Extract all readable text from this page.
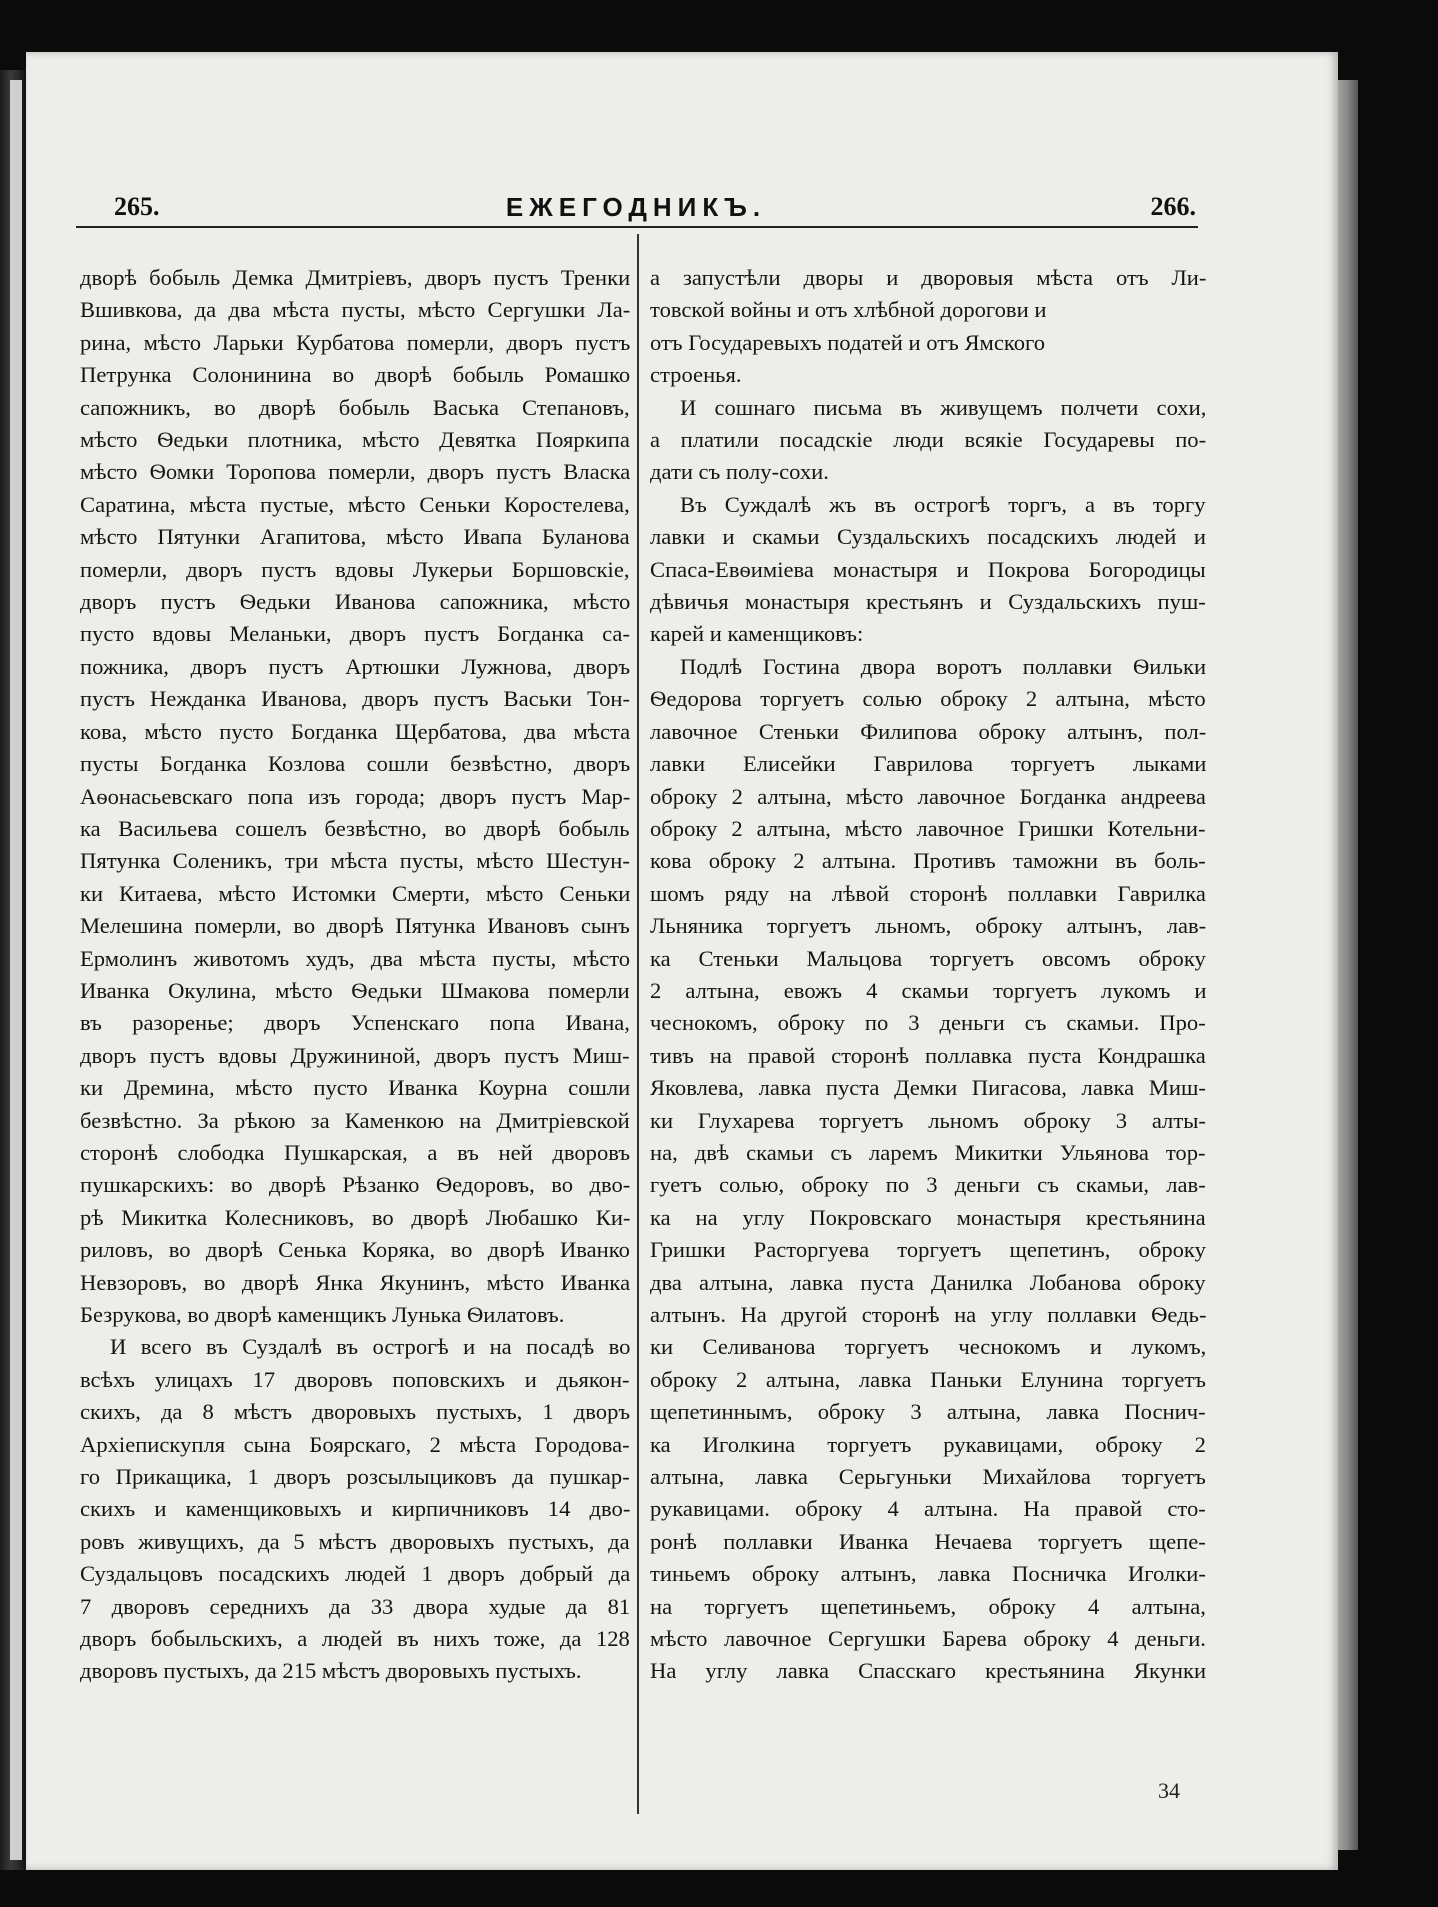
ЕЖЕГОДНИКЪ.
265.	266.
дворѣ бобыль Демка Дмитріевъ, дворъ пустъ Тренки
Вшивкова, да два мѣста пусты, мѣсто Сергушки Ла-
рина, мѣсто Ларьки Курбатова померли, дворъ пустъ
Петрунка Солонинина во дворѣ бобыль Ромашко
сапожникъ, во дворѣ бобыль Васька Степановъ,
мѣсто Ѳедьки плотника, мѣсто Девятка Пояркипа
мѣсто Ѳомки Торопова померли, дворъ пустъ Власка
Саратина, мѣста пустые, мѣсто Сеньки Коростелева,
мѣсто Пятунки Агапитова, мѣсто Ивапа Буланова
померли, дворъ пустъ вдовы Лукерьи Боршовскіе,
дворъ пустъ Ѳедьки Иванова сапожника, мѣсто
пусто вдовы Меланьки, дворъ пустъ Богданка са-
пожника, дворъ пустъ Артюшки Лужнова, дворъ
пустъ Нежданка Иванова, дворъ пустъ Васьки Тон-
кова, мѣсто пусто Богданка Щербатова, два мѣста
пусты Богданка Козлова сошли безвѣстно, дворъ
Аѳонасьевскаго попа изъ города; дворъ пустъ Мар-
ка Васильева сошелъ безвѣстно, во дворѣ бобыль
Пятунка Соленикъ, три мѣста пусты, мѣсто Шестун-
ки Китаева, мѣсто Истомки Смерти, мѣсто Сеньки
Мелешина померли, во дворѣ Пятунка Ивановъ сынъ
Ермолинъ животомъ худъ, два мѣста пусты, мѣсто
Иванка Окулина, мѣсто Ѳедьки Шмакова померли
въ разоренье; дворъ Успенскаго попа Ивана,
дворъ пустъ вдовы Дружининой, дворъ пустъ Миш-
ки Дремина, мѣсто пусто Иванка Коурна сошли
безвѣстно. За рѣкою за Каменкою на Дмитріевской
сторонѣ слободка Пушкарская, а въ ней дворовъ
пушкарскихъ: во дворѣ Рѣзанко Ѳедоровъ, во дво-
рѣ Микитка Колесниковъ, во дворѣ Любашко Ки-
риловъ, во дворѣ Сенька Коряка, во дворѣ Иванко
Невзоровъ, во дворѣ Янка Якунинъ, мѣсто Иванка
Безрукова, во дворѣ каменщикъ Лунька Ѳилатовъ.
И всего въ Суздалѣ въ острогѣ и на посадѣ во
всѣхъ улицахъ 17 дворовъ поповскихъ и дьякон-
скихъ, да 8 мѣстъ дворовыхъ пустыхъ, 1 дворъ
Архіепискупля сына Боярскаго, 2 мѣста Городова-
го Прикащика, 1 дворъ розсылыциковъ да пушкар-
скихъ и каменщиковыхъ и кирпичниковъ 14 дво-
ровъ живущихъ, да 5 мѣстъ дворовыхъ пустыхъ, да
Суздальцовъ посадскихъ людей 1 дворъ добрый да
7 дворовъ середнихъ да 33 двора худые да 81
дворъ бобыльскихъ, а людей въ нихъ тоже, да 128
дворовъ пустыхъ, да 215 мѣстъ дворовыхъ пустыхъ.
а запустѣли дворы и дворовыя мѣста отъ Ли-
товской войны и отъ хлѣбной дорогови и
отъ Государевыхъ податей и отъ Ямского
строенья.
И сошнаго письма въ живущемъ полчети сохи,
а платили посадскіе люди всякіе Государевы по-
дати съ полу-сохи.
Въ Суждалѣ жъ въ острогѣ торгъ, а въ торгу
лавки и скамьи Суздальскихъ посадскихъ людей и
Спаса-Евѳиміева монастыря и Покрова Богородицы
дѣвичья монастыря крестьянъ и Суздальскихъ пуш-
карей и каменщиковъ:
Подлѣ Гостина двора воротъ поллавки Ѳильки
Ѳедорова торгуетъ солью оброку 2 алтына, мѣсто
лавочное Стеньки Филипова оброку алтынъ, пол-
лавки Елисейки Гаврилова торгуетъ лыками
оброку 2 алтына, мѣсто лавочное Богданка андреева
оброку 2 алтына, мѣсто лавочное Гришки Котельни-
кова оброку 2 алтына. Противъ таможни въ боль-
шомъ ряду на лѣвой сторонѣ поллавки Гаврилка
Льняника торгуетъ льномъ, оброку алтынъ, лав-
ка Стеньки Мальцова торгуетъ овсомъ оброку
2 алтына, евожъ 4 скамьи торгуетъ лукомъ и
чеснокомъ, оброку по 3 деньги съ скамьи. Про-
тивъ на правой сторонѣ поллавка пуста Кондрашка
Яковлева, лавка пуста Демки Пигасова, лавка Миш-
ки Глухарева торгуетъ льномъ оброку 3 алты-
на, двѣ скамьи съ ларемъ Микитки Ульянова тор-
гуетъ солью, оброку по 3 деньги съ скамьи, лав-
ка на углу Покровскаго монастыря крестьянина
Гришки Расторгуева торгуетъ щепетинъ, оброку
два алтына, лавка пуста Данилка Лобанова оброку
алтынъ. На другой сторонѣ на углу поллавки Ѳедь-
ки Селиванова торгуетъ чеснокомъ и лукомъ,
оброку 2 алтына, лавка Паньки Елунина торгуетъ
щепетиннымъ, оброку 3 алтына, лавка Поснич-
ка Иголкина торгуетъ рукавицами, оброку 2
алтына, лавка Серьгуньки Михайлова торгуетъ
рукавицами. оброку 4 алтына. На правой сто-
ронѣ поллавки Иванка Нечаева торгуетъ щепе-
тиньемъ оброку алтынъ, лавка Посничка Иголки-
на торгуетъ щепетиньемъ, оброку 4 алтына,
мѣсто лавочное Сергушки Барева оброку 4 деньги.
На углу лавка Спасскаго крестьянина Якунки
34
